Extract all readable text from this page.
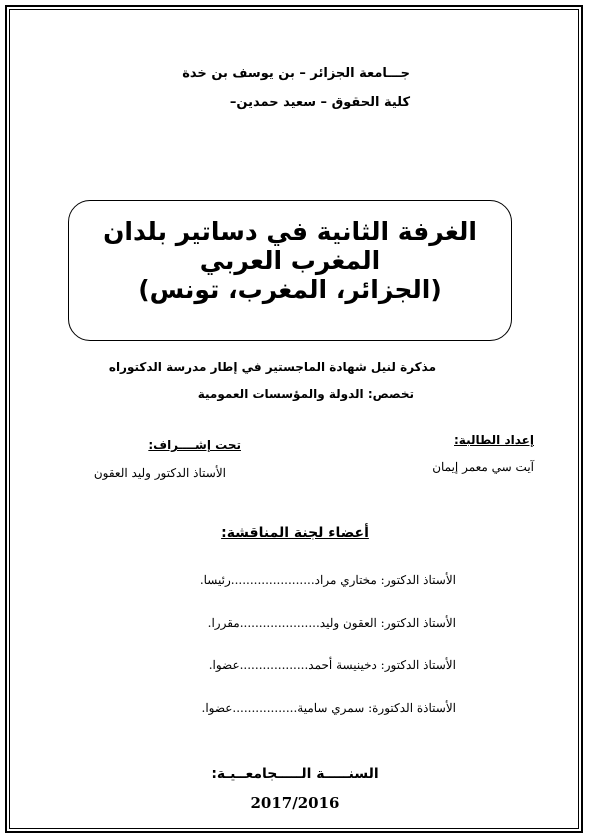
جـــامعة الجزائر – بن يوسف بن خدة
كلية الحقوق – سعيد حمدين–
الغرفة الثانية في دساتير بلدان المغرب العربي
(الجزائر، المغرب، تونس)
مذكرة لنيل شهادة الماجستير في إطار مدرسة الدكتوراه
تخصص: الدولة والمؤسسات العمومية
إعداد الطالبة:
آيت سي معمر إيمان
تحت إشــــراف:
الأستاذ الدكتور وليد العقون
أعضاء لجنة المناقشة:
الأستاذ الدكتور: مختاري مراد......................رئيسا.
الأستاذ الدكتور: العقون وليد.....................مقررا.
الأستاذ الدكتور: دخينيسة أحمد..................عضوا.
الأستاذة الدكتورة: سمري سامية.................عضوا.
السنـــــة الـــــجامعــيـة:
2017/2016
